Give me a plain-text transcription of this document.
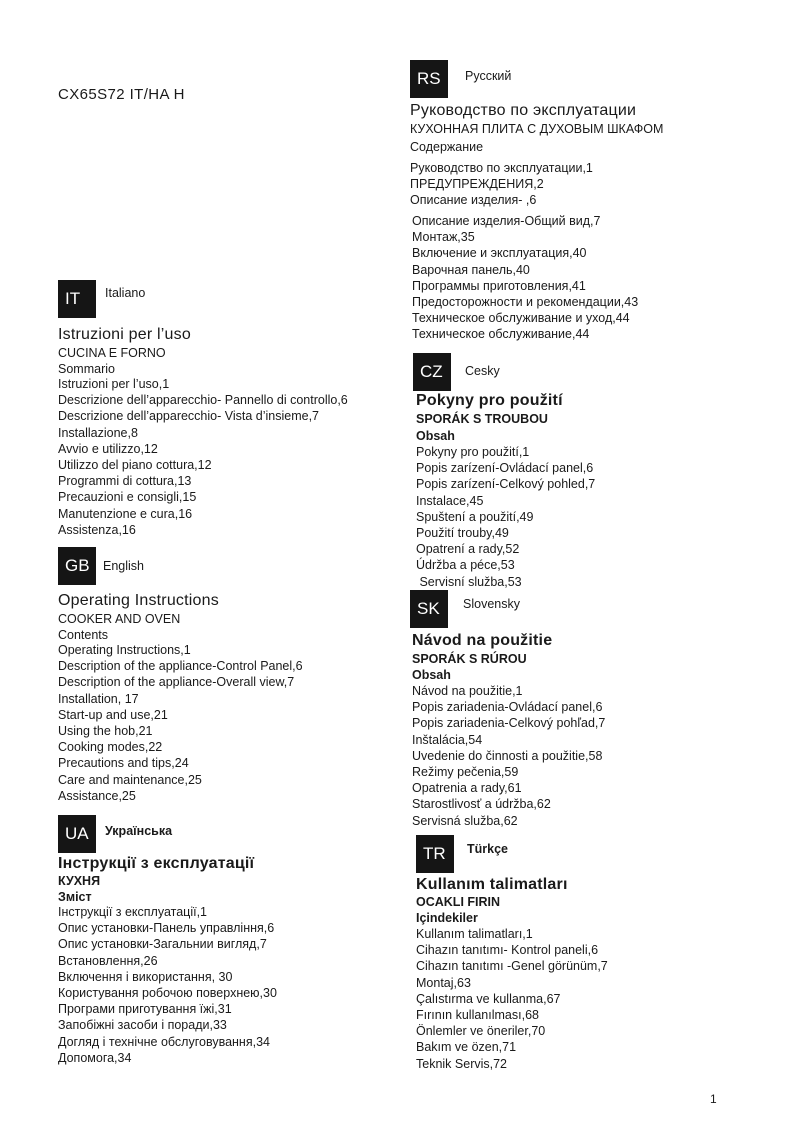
CX65S72 IT/HA H
IT	Italiano
Istruzioni per l’uso
CUCINA E FORNO
Sommario
Istruzioni per l’uso,1
Descrizione dell’apparecchio- Pannello di controllo,6
Descrizione dell’apparecchio- Vista d’insieme,7
Installazione,8
Avvio e utilizzo,12
Utilizzo del piano cottura,12
Programmi di cottura,13
Precauzioni e consigli,15
Manutenzione e cura,16
Assistenza,16
GB	English
Operating Instructions
COOKER AND OVEN
Contents
Operating Instructions,1
Description of the appliance-Control Panel,6
Description of the appliance-Overall view,7
Installation, 17
Start-up and use,21
Using the hob,21
Cooking modes,22
Precautions and tips,24
Care and maintenance,25
Assistance,25
UA	Українська
Інструкції з експлуатації
КУХНЯ
Зміст
Інструкції з експлуатації,1
Опис установки-Панель управління,6
Опис установки-Загальнии вигляд,7
Встановлення,26
Включення і використання, 30
Користування робочою поверхнею,30
Програми приготування їжі,31
Запобіжні засоби і поради,33
Догляд і технічне обслуговування,34
Допомога,34
RS	Русский
Руководство по эксплуатации
КУХОННАЯ ПЛИТА С ДУХОВЫМ ШКАФОМ
Содержание
Руководство по эксплуатации,1
ПРЕДУПРЕЖДЕНИЯ,2
Описание изделия- ,6
Описание изделия-Общий вид,7
Монтаж,35
Включение и эксплуатация,40
Варочная панель,40
Программы приготовления,41
Предосторожности и рекомендации,43
Техническое обслуживание и уход,44
Техническое обслуживание,44
CZ	Cesky
Pokyny pro použití
SPORÁK S TROUBOU
Obsah
Pokyny pro použití,1
Popis zarízení-Ovládací panel,6
Popis zarízení-Celkový pohled,7
Instalace,45
Spuštení a použití,49
Použití trouby,49
Opatrení a rady,52
Údržba a péce,53
Servisní služba,53
SK	Slovensky
Návod na použitie
SPORÁK S RÚROU
Obsah
Návod na použitie,1
Popis zariadenia-Ovládací panel,6
Popis zariadenia-Celkový pohľad,7
Inštalácia,54
Uvedenie do činnosti a použitie,58
Režimy pečenia,59
Opatrenia a rady,61
Starostlivosť a údržba,62
Servisná služba,62
TR	Türkçe
Kullanım talimatları
OCAKLI FIRIN
Içindekiler
Kullanım talimatları,1
Cihazın tanıtımı- Kontrol paneli,6
Cihazın tanıtımı -Genel görünüm,7
Montaj,63
Çalıstırma ve kullanma,67
Fırının kullanılması,68
Önlemler ve öneriler,70
Bakım ve özen,71
Teknik Servis,72
1
